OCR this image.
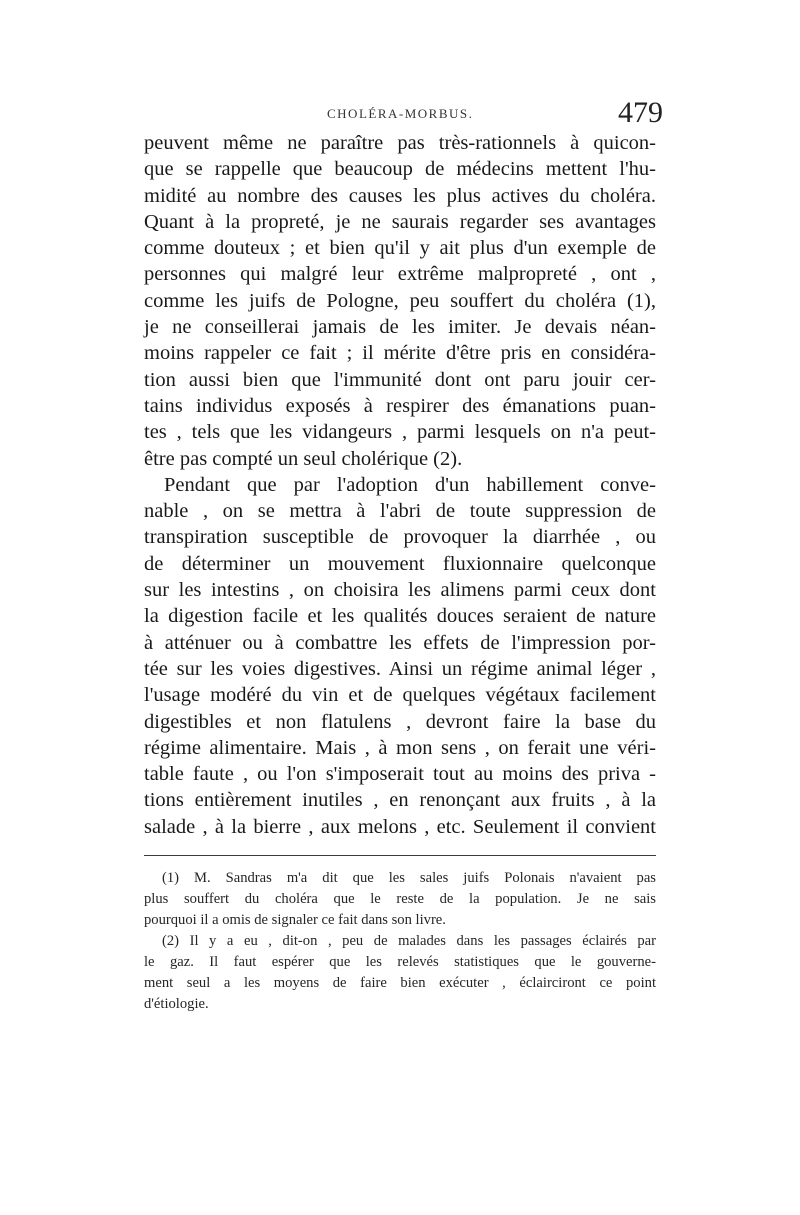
CHOLÉRA-MORBUS.	479
peuvent même ne paraître pas très-rationnels à quicon-
que se rappelle que beaucoup de médecins mettent l'hu-
midité au nombre des causes les plus actives du choléra.
Quant à la propreté, je ne saurais regarder ses avantages
comme douteux ; et bien qu'il y ait plus d'un exemple de
personnes qui malgré leur extrême malpropreté , ont ,
comme les juifs de Pologne, peu souffert du choléra (1),
je ne conseillerai jamais de les imiter. Je devais néan-
moins rappeler ce fait ; il mérite d'être pris en considéra-
tion aussi bien que l'immunité dont ont paru jouir cer-
tains individus exposés à respirer des émanations puan-
tes , tels que les vidangeurs , parmi lesquels on n'a peut-
être pas compté un seul cholérique (2).
Pendant que par l'adoption d'un habillement conve-
nable , on se mettra à l'abri de toute suppression de
transpiration susceptible de provoquer la diarrhée , ou
de déterminer un mouvement fluxionnaire quelconque
sur les intestins , on choisira les alimens parmi ceux dont
la digestion facile et les qualités douces seraient de nature
à atténuer ou à combattre les effets de l'impression por-
tée sur les voies digestives. Ainsi un régime animal léger ,
l'usage modéré du vin et de quelques végétaux facilement
digestibles et non flatulens , devront faire la base du
régime alimentaire. Mais , à mon sens , on ferait une véri-
table faute , ou l'on s'imposerait tout au moins des priva -
tions entièrement inutiles , en renonçant aux fruits , à la
salade , à la bierre , aux melons , etc. Seulement il convient
(1) M. Sandras m'a dit que les sales juifs Polonais n'avaient pas
plus souffert du choléra que le reste de la population. Je ne sais
pourquoi il a omis de signaler ce fait dans son livre.
(2) Il y a eu , dit-on , peu de malades dans les passages éclairés par
le gaz. Il faut espérer que les relevés statistiques que le gouverne-
ment seul a les moyens de faire bien exécuter , éclairciront ce point
d'étiologie.
